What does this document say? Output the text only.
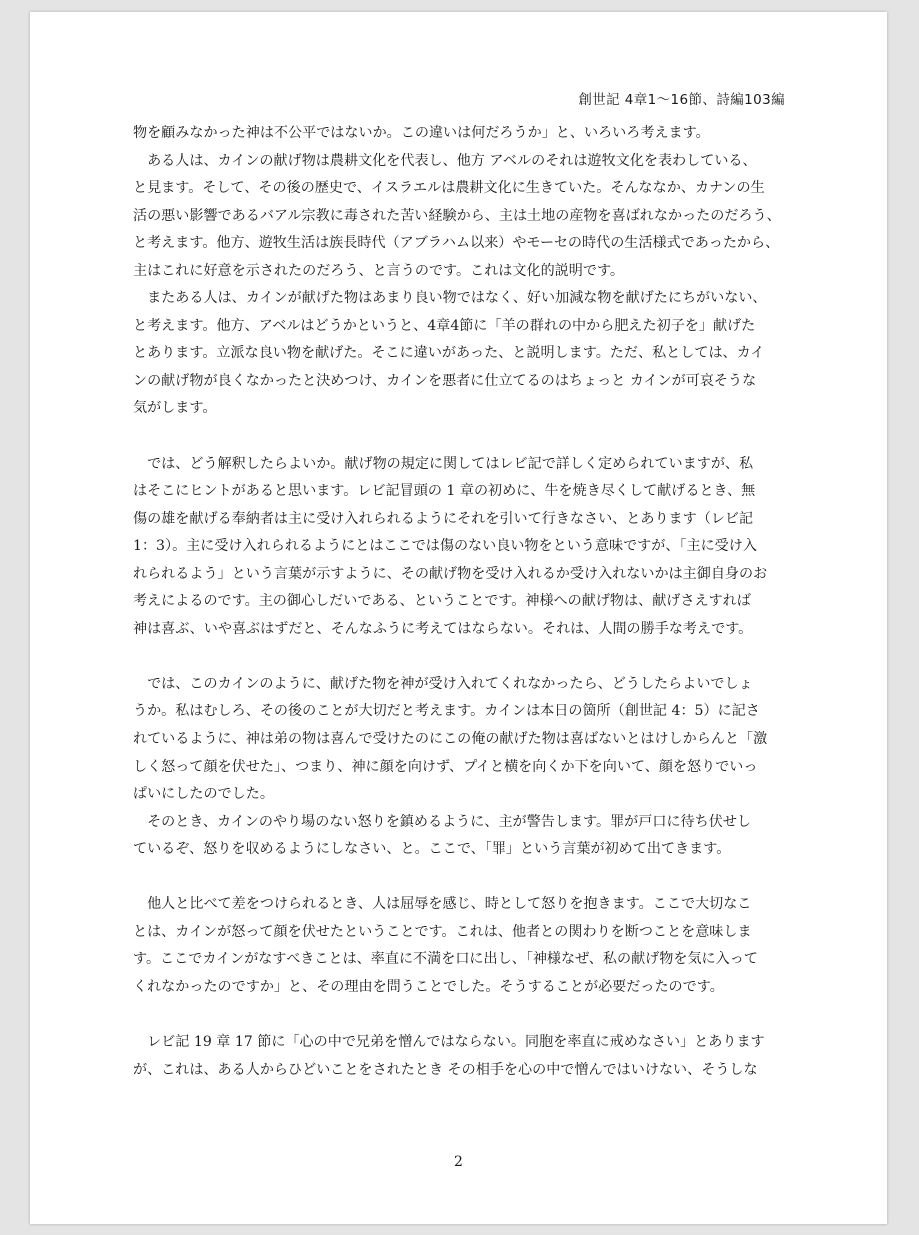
創世記 4章1〜16節、詩編103編
物を顧みなかった神は不公平ではないか。この違いは何だろうか」と、いろいろ考えます。
　ある人は、カインの献げ物は農耕文化を代表し、他方 アベルのそれは遊牧文化を表わしている、
と見ます。そして、その後の歴史で、イスラエルは農耕文化に生きていた。そんななか、カナンの生
活の悪い影響であるバアル宗教に毒された苦い経験から、主は土地の産物を喜ばれなかったのだろう、
と考えます。他方、遊牧生活は族長時代（アブラハム以来）やモーセの時代の生活様式であったから、
主はこれに好意を示されたのだろう、と言うのです。これは文化的説明です。
　またある人は、カインが献げた物はあまり良い物ではなく、好い加減な物を献げたにちがいない、
と考えます。他方、アベルはどうかというと、4章4節に「羊の群れの中から肥えた初子を」献げた
とあります。立派な良い物を献げた。そこに違いがあった、と説明します。ただ、私としては、カイ
ンの献げ物が良くなかったと決めつけ、カインを悪者に仕立てるのはちょっと カインが可哀そうな
気がします。
　では、どう解釈したらよいか。献げ物の規定に関してはレビ記で詳しく定められていますが、私
はそこにヒントがあると思います。レビ記冒頭の 1 章の初めに、牛を焼き尽くして献げるとき、無
傷の雄を献げる奉納者は主に受け入れられるようにそれを引いて行きなさい、とあります（レビ記
1：3）。主に受け入れられるようにとはここでは傷のない良い物をという意味ですが、「主に受け入
れられるよう」という言葉が示すように、その献げ物を受け入れるか受け入れないかは主御自身のお
考えによるのです。主の御心しだいである、ということです。神様への献げ物は、献げさえすれば
神は喜ぶ、いや喜ぶはずだと、そんなふうに考えてはならない。それは、人間の勝手な考えです。
　では、このカインのように、献げた物を神が受け入れてくれなかったら、どうしたらよいでしょ
うか。私はむしろ、その後のことが大切だと考えます。カインは本日の箇所（創世記 4：5）に記さ
れているように、神は弟の物は喜んで受けたのにこの俺の献げた物は喜ばないとはけしからんと「激
しく怒って顔を伏せた」、つまり、神に顔を向けず、プイと横を向くか下を向いて、顔を怒りでいっ
ぱいにしたのでした。
　そのとき、カインのやり場のない怒りを鎮めるように、主が警告します。罪が戸口に待ち伏せし
ているぞ、怒りを収めるようにしなさい、と。ここで、「罪」という言葉が初めて出てきます。
　他人と比べて差をつけられるとき、人は屈辱を感じ、時として怒りを抱きます。ここで大切なこ
とは、カインが怒って顔を伏せたということです。これは、他者との関わりを断つことを意味しま
す。ここでカインがなすべきことは、率直に不満を口に出し、「神様なぜ、私の献げ物を気に入って
くれなかったのですか」と、その理由を問うことでした。そうすることが必要だったのです。
　レビ記 19 章 17 節に「心の中で兄弟を憎んではならない。同胞を率直に戒めなさい」とあります
が、これは、ある人からひどいことをされたとき その相手を心の中で憎んではいけない、そうしな
2
